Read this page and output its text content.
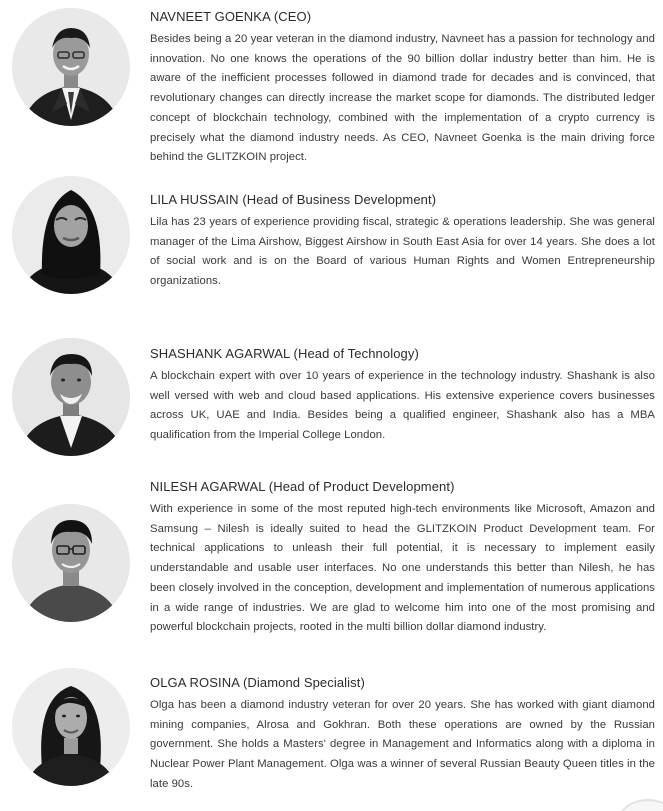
NAVNEET GOENKA (CEO)

Besides being a 20 year veteran in the diamond industry, Navneet has a passion for technology and innovation. No one knows the operations of the 90 billion dollar industry better than him. He is aware of the inefficient processes followed in diamond trade for decades and is convinced, that revolutionary changes can directly increase the market scope for diamonds. The distributed ledger concept of blockchain technology, combined with the implementation of a crypto currency is precisely what the diamond industry needs. As CEO, Navneet Goenka is the main driving force behind the GLITZKOIN project.

LILA HUSSAIN (Head of Business Development)

Lila has 23 years of experience providing fiscal, strategic & operations leadership. She was general manager of the Lima Airshow, Biggest Airshow in South East Asia for over 14 years. She does a lot of social work and is on the Board of various Human Rights and Women Entrepreneurship organizations.

SHASHANK AGARWAL (Head of Technology)

A blockchain expert with over 10 years of experience in the technology industry. Shashank is also well versed with web and cloud based applications. His extensive experience covers businesses across UK, UAE and India. Besides being a qualified engineer, Shashank also has a MBA qualification from the Imperial College London.

NILESH AGARWAL (Head of Product Development)

With experience in some of the most reputed high-tech environments like Microsoft, Amazon and Samsung – Nilesh is ideally suited to head the GLITZKOIN Product Development team. For technical applications to unleash their full potential, it is necessary to implement easily understandable and usable user interfaces. No one understands this better than Nilesh, he has been closely involved in the conception, development and implementation of numerous applications in a wide range of industries. We are glad to welcome him into one of the most promising and powerful blockchain projects, rooted in the multi billion dollar diamond industry.

OLGA ROSINA (Diamond Specialist)

Olga has been a diamond industry veteran for over 20 years. She has worked with giant diamond mining companies, Alrosa and Gokhran. Both these operations are owned by the Russian government. She holds a Masters' degree in Management and Informatics along with a diploma in Nuclear Power Plant Management. Olga was a winner of several Russian Beauty Queen titles in the late 90s.
